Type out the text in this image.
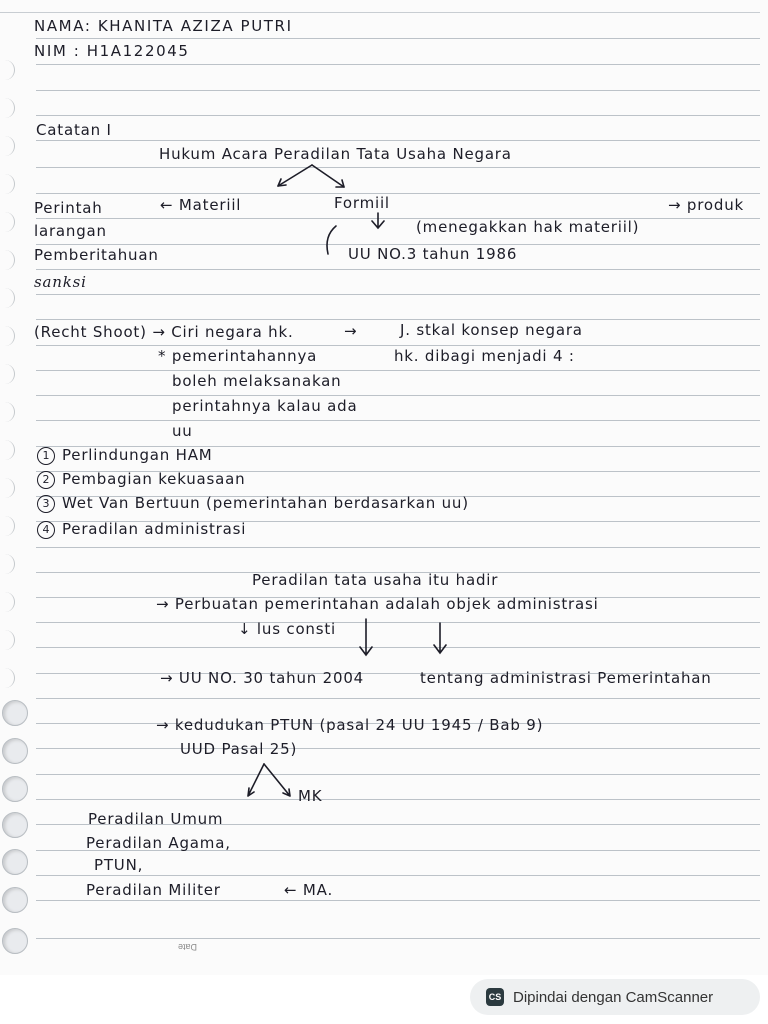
NAMA: KHANITA AZIZA PUTRI
NIM : H1A122045
Catatan I
Hukum Acara Peradilan Tata Usaha Negara
← Materiil
Perintah
larangan
Pemberitahuan
sanksi
Formiil	→ produk
(menegakkan hak materiil)
UU NO.3 tahun 1986
(Recht Shoot) → Ciri negara hk.	→	J. stkal konsep negara
hk. dibagi menjadi 4 :
* pemerintahannya
boleh melaksanakan
perintahnya kalau ada
uu
1 Perlindungan HAM
2 Pembagian kekuasaan
3 Wet Van Bertuun (pemerintahan berdasarkan uu)
4 Peradilan administrasi
Peradilan tata usaha itu hadir
→ Perbuatan pemerintahan adalah objek administrasi
↓ lus consti
→ UU NO. 30 tahun 2004	tentang administrasi Pemerintahan
→ kedudukan PTUN (pasal 24 UU 1945 / Bab 9)
UUD Pasal 25)
MK
Peradilan Umum
Peradilan Agama,
PTUN,
Peradilan Militer	← MA.
Date
CS Dipindai dengan CamScanner
